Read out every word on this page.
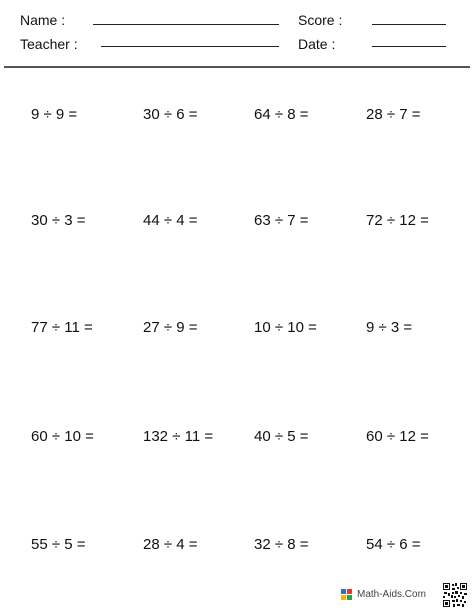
Name :	Score :
Teacher :	Date :
9 ÷ 9 =	30 ÷ 6 =	64 ÷ 8 =	28 ÷ 7 =
30 ÷ 3 =	44 ÷ 4 =	63 ÷ 7 =	72 ÷ 12 =
77 ÷ 11 =	27 ÷ 9 =	10 ÷ 10 =	9 ÷ 3 =
60 ÷ 10 =	132 ÷ 11 =	40 ÷ 5 =	60 ÷ 12 =
55 ÷ 5 =	28 ÷ 4 =	32 ÷ 8 =	54 ÷ 6 =
Math-Aids.Com
